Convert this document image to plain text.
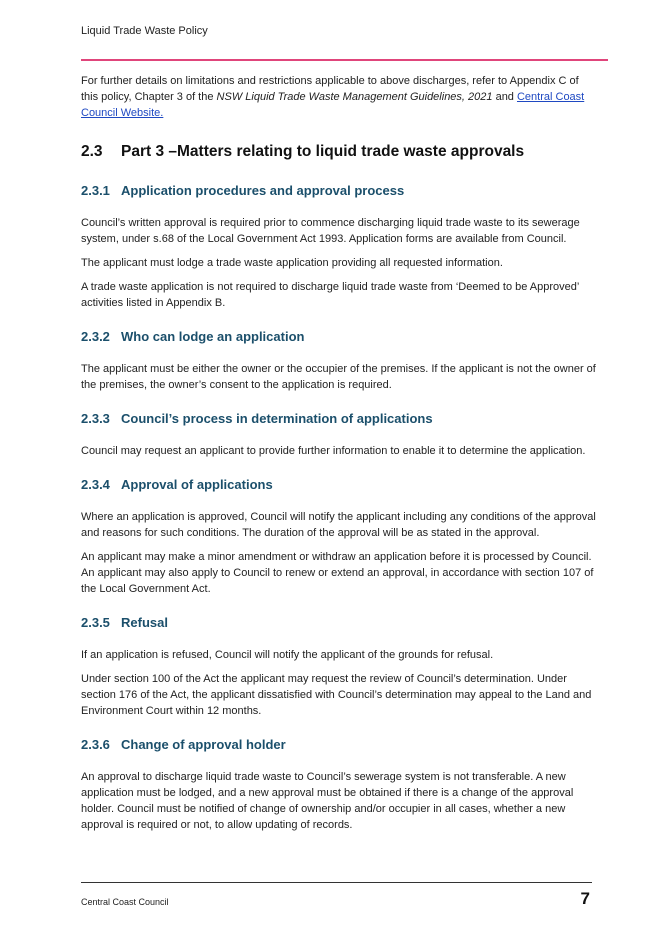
Liquid Trade Waste Policy

For further details on limitations and restrictions applicable to above discharges, refer to Appendix C of this policy, Chapter 3 of the NSW Liquid Trade Waste Management Guidelines, 2021 and Central Coast Council Website.

2.3	Part 3 –Matters relating to liquid trade waste approvals
2.3.1 Application procedures and approval process

Council’s written approval is required prior to commence discharging liquid trade waste to its sewerage system, under s.68 of the Local Government Act 1993. Application forms are available from Council.

The applicant must lodge a trade waste application providing all requested information.

A trade waste application is not required to discharge liquid trade waste from ‘Deemed to be Approved’ activities listed in Appendix B.

2.3.2 Who can lodge an application

The applicant must be either the owner or the occupier of the premises. If the applicant is not the owner of the premises, the owner’s consent to the application is required.

2.3.3 Council’s process in determination of applications

Council may request an applicant to provide further information to enable it to determine the application.

2.3.4 Approval of applications

Where an application is approved, Council will notify the applicant including any conditions of the approval and reasons for such conditions. The duration of the approval will be as stated in the approval.

An applicant may make a minor amendment or withdraw an application before it is processed by Council. An applicant may also apply to Council to renew or extend an approval, in accordance with section 107 of the Local Government Act.

2.3.5 Refusal

If an application is refused, Council will notify the applicant of the grounds for refusal.

Under section 100 of the Act the applicant may request the review of Council’s determination. Under section 176 of the Act, the applicant dissatisfied with Council’s determination may appeal to the Land and Environment Court within 12 months.

2.3.6 Change of approval holder

An approval to discharge liquid trade waste to Council’s sewerage system is not transferable. A new application must be lodged, and a new approval must be obtained if there is a change of the approval holder. Council must be notified of change of ownership and/or occupier in all cases, whether a new approval is required or not, to allow updating of records.

Central Coast Council	7
